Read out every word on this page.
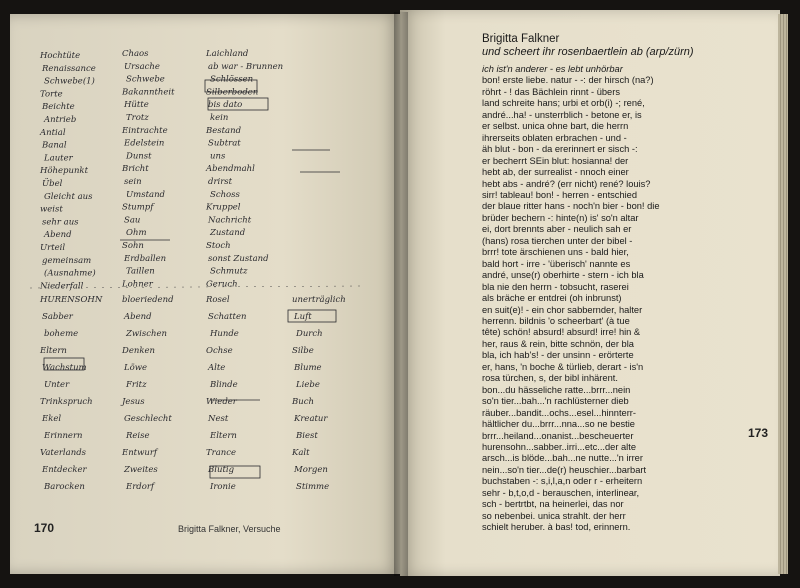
Hochtüte
Renaissance
Schwebe(1)
Torte
Beichte
Antrieb
Antial
Banal
Lauter
Höhepunkt
Übel
Gleicht aus
weist
sehr aus
Abend
Urteil
gemeinsam
(Ausnahme)
Niederfall
Chaos
Ursache
Schwebe
Bakanntheit
Hütte
Trotz
Eintrachte
Edelstein
Dunst
Bricht
sein
Umstand
Stumpf
Sau
Ohm
Sohn
Erdballen
Taillen
Lohner
Laichland
ab war - Brunnen
Schlössen
Silberboden
bis dato
kein
Bestand
Subtrat
uns
Abendmahl
drirst
Schoss
Kruppel
Nachricht
Zustand
Stoch
sonst Zustand
Schmutz
Geruch
HURENSOHN
Sabber
boheme
Eltern
Wachstum
Unter
Trinkspruch
Ekel
Erinnern
Vaterlands
Entdecker
Barocken
bloeriedend
Abend
Zwischen
Denken
Löwe
Fritz
Jesus
Geschlecht
Reise
Entwurf
Zweites
Erdorf
Rosel
Schatten
Hunde
Ochse
Alte
Blinde
Wieder
Nest
Eltern
Trance
Blutig
Ironie
unerträglich
Luft
Durch
Silbe
Blume
Liebe
Buch
Kreatur
Biest
Kalt
Morgen
Stimme
170	Brigitta Falkner, Versuche
Brigitta Falkner
und scheert ihr rosenbaertlein ab (arp/zürn)
ich ist'n anderer - es lebt unhörbar
bon! erste liebe. natur - -: der hirsch (na?)
röhrt - ! das Bächlein rinnt - übers
land schreite hans; urbi et orb(i) -; rené,
andré...ha! - unsterrblich - betone er, is
er selbst. unica ohne bart, die herrn
ihrerseits oblaten erbrachen - und -
äh blut - bon - da ererinnert er sisch -:
er becherrt SEin blut: hosianna! der
hebt ab, der surrealist - nnoch einer
hebt abs - andré? (err nicht) rené? louis?
sirr! tableau! bon! - herren - entschied
der blaue ritter hans - noch'n bier - bon! die
brüder bechern -: hinte(n) is' so'n altar
ei, dort brennts aber - neulich sah er
(hans) rosa tierchen unter der bibel -
brrr! tote ärschienen uns - bald hier,
bald hort - irre - 'überisch' nannte es
andré, unse(r) oberhirte - stern - ich bla
bla nie den herrn - tobsucht, raserei
als bräche er entdrei (oh inbrunst)
en suit(e)! - ein chor sabbernder, halter
herrenn. bildnis 'o scheerbart' (à tue
tête) schön! absurd! absurd! irre! hin &
her, raus & rein, bitte schnön, der bla
bla, ich hab's! - der unsinn - erörterte
er, hans, 'n boche & türlieb, derart - is'n
rosa türchen, s, der bibl inhärent.
bon...du hässeliche ratte...brrr...nein
so'n tier...bah...'n rachlüsterner dieb
räuber...bandit...ochs...esel...hinnterr-
hältlicher du...brrr...nna...so ne bestie
brrr...heiland...onanist...bescheuerter
hurensohn...sabber..irri...etc...der alte
arsch...is blöde...bah...ne nutte...'n irrer
nein...so'n tier...de(r) heuschier...barbart
buchstaben -: s,i,l,a,n oder r - erheitern
sehr - b,t,o,d - berauschen, interlinear,
sch - bertrtbt, na heinerlei, das nor
so nebenbei. unica strahlt. der herr
schielt heruber. à bas! tod, erinnern.
173
